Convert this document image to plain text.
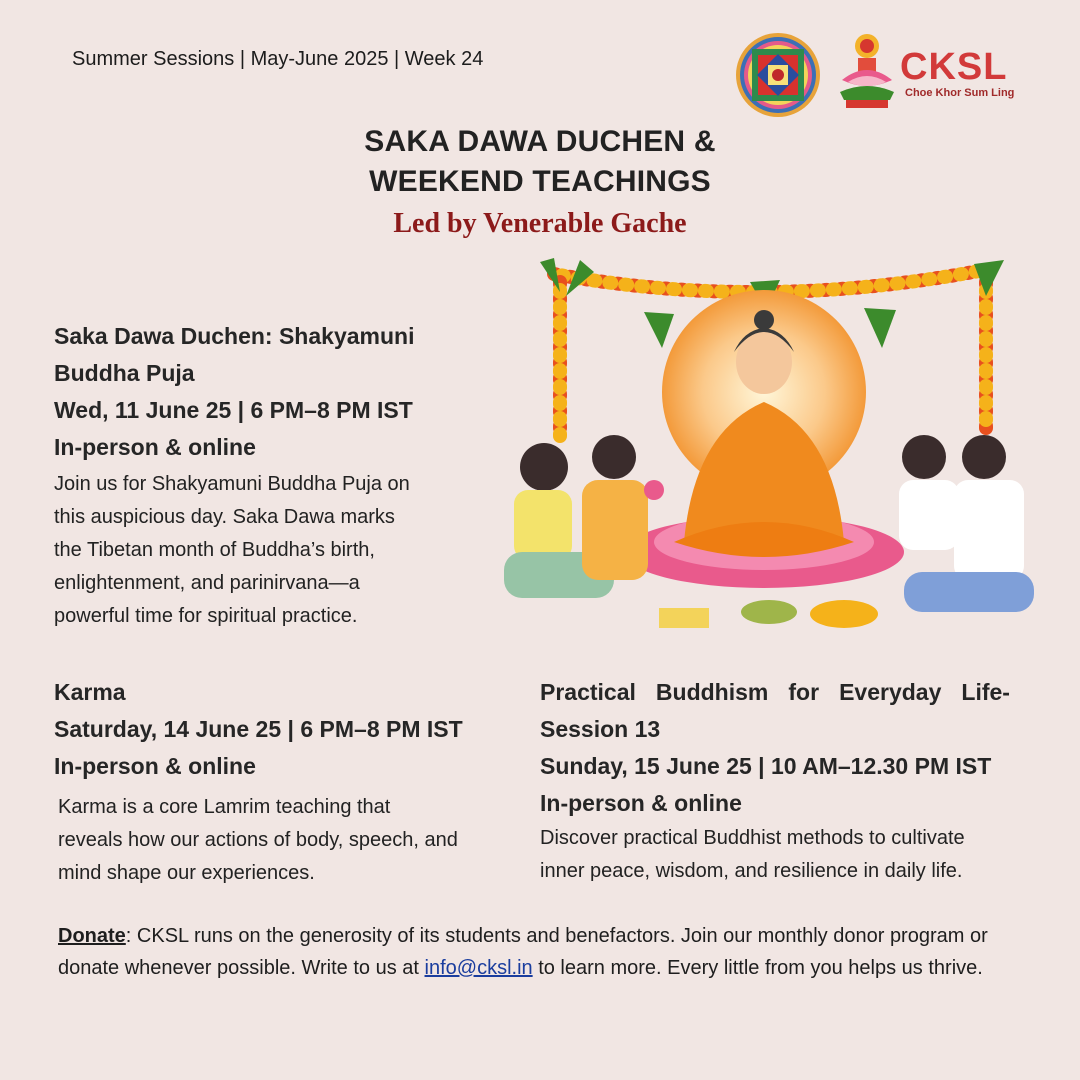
Summer Sessions | May-June 2025 | Week 24	CKSL
Choe Khor Sum Ling
SAKA DAWA DUCHEN &
WEEKEND TEACHINGS
Led by Venerable Gache
Saka Dawa Duchen: Shakyamuni
Buddha Puja
Wed, 11 June 25 | 6 PM–8 PM IST
In-person & online
Join us for Shakyamuni Buddha Puja on
this auspicious day. Saka Dawa marks
the Tibetan month of Buddha’s birth,
enlightenment, and parinirvana—a
powerful time for spiritual practice.
Karma
Saturday, 14 June 25 | 6 PM–8 PM IST
In-person & online
Karma is a core Lamrim teaching that
reveals how our actions of body, speech, and
mind shape our experiences.
Practical Buddhism for Everyday Life-
Session 13
Sunday, 15 June 25 | 10 AM–12.30 PM IST
In-person & online
Discover practical Buddhist methods to cultivate
inner peace, wisdom, and resilience in daily life.
Donate: CKSL runs on the generosity of its students and benefactors. Join our monthly donor program or donate whenever possible. Write to us at info@cksl.in to learn more. Every little from you helps us thrive.
